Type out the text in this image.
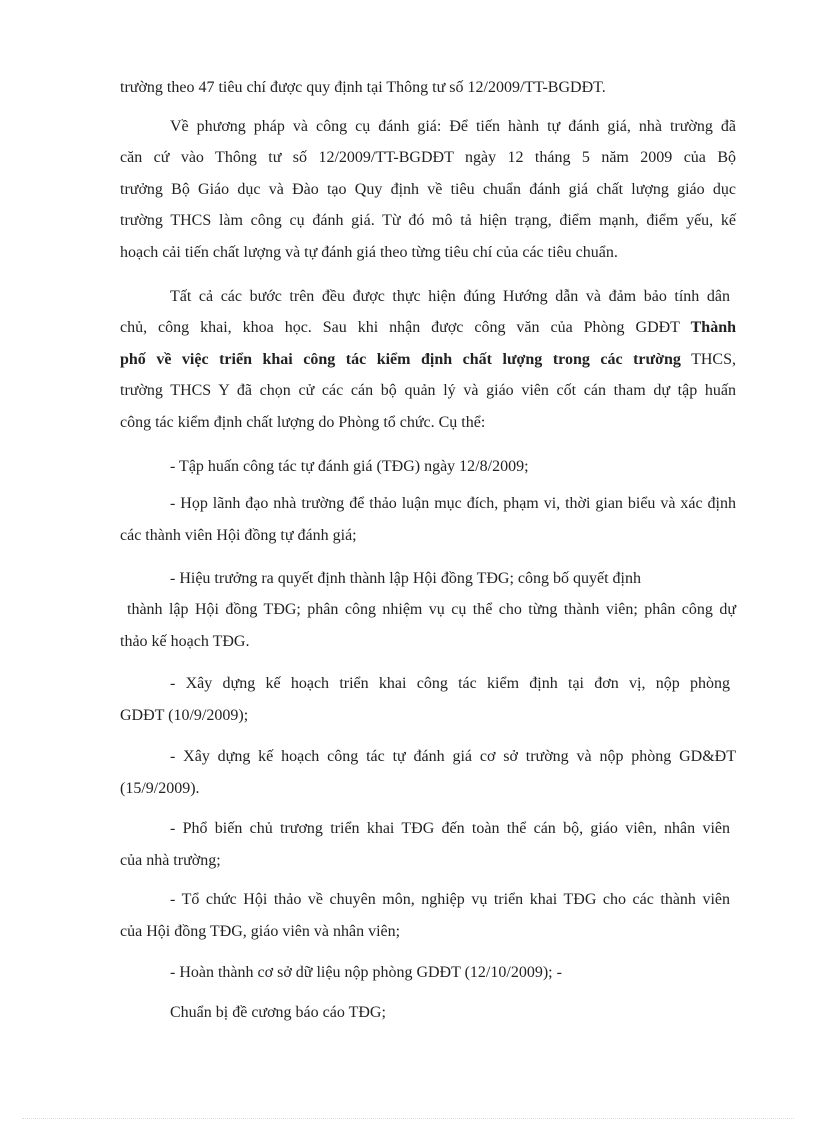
trường theo 47 tiêu chí được quy định tại Thông tư số 12/2009/TT-BGDĐT.
Về phương pháp và công cụ đánh giá: Để tiến hành tự đánh giá, nhà trường đã
căn cứ vào Thông tư số 12/2009/TT-BGDĐT ngày 12 tháng 5 năm 2009 của Bộ
trưởng Bộ Giáo dục và Đào tạo Quy định về tiêu chuẩn đánh giá chất lượng giáo dục
trường THCS làm công cụ đánh giá. Từ đó mô tả hiện trạng, điểm mạnh, điểm yếu, kế
hoạch cải tiến chất lượng và tự đánh giá theo từng tiêu chí của các tiêu chuẩn.
Tất cả các bước trên đều được thực hiện đúng Hướng dẫn và đảm bảo tính dân
chủ, công khai, khoa học. Sau khi nhận được công văn của Phòng GDĐT Thành
phố về việc triển khai công tác kiểm định chất lượng trong các trường THCS,
trường THCS Y đã chọn cử các cán bộ quản lý và giáo viên cốt cán tham dự tập huấn
công tác kiểm định chất lượng do Phòng tổ chức. Cụ thể:
- Tập huấn công tác tự đánh giá (TĐG) ngày 12/8/2009;
- Họp lãnh đạo nhà trường để thảo luận mục đích, phạm vi, thời gian biểu và xác định
các thành viên Hội đồng tự đánh giá;
- Hiệu trưởng ra quyết định thành lập Hội đồng TĐG; công bố quyết định
thành lập Hội đồng TĐG; phân công nhiệm vụ cụ thể cho từng thành viên; phân công dự
thảo kế hoạch TĐG.
- Xây dựng kế hoạch triển khai công tác kiểm định tại đơn vị, nộp phòng
GDĐT (10/9/2009);
- Xây dựng kế hoạch công tác tự đánh giá cơ sở trường và nộp phòng GD&ĐT
(15/9/2009).
- Phổ biến chủ trương triển khai TĐG đến toàn thể cán bộ, giáo viên, nhân viên
của nhà trường;
- Tổ chức Hội thảo về chuyên môn, nghiệp vụ triển khai TĐG cho các thành viên
của Hội đồng TĐG, giáo viên và nhân viên;
- Hoàn thành cơ sở dữ liệu nộp phòng GDĐT (12/10/2009); -
Chuẩn bị đề cương báo cáo TĐG;
